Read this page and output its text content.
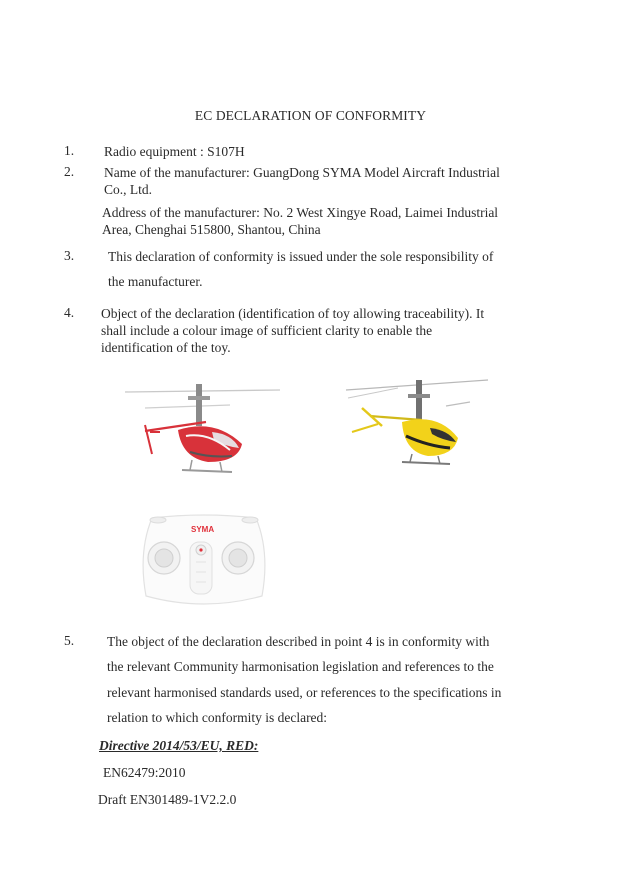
EC DECLARATION OF CONFORMITY
1. Radio equipment : S107H
2. Name of the manufacturer: GuangDong SYMA Model Aircraft Industrial
Co., Ltd.
Address of the manufacturer: No. 2 West Xingye Road, Laimei Industrial
Area, Chenghai 515800, Shantou, China
3.	This declaration of conformity is issued under the sole responsibility of
the manufacturer.
4. Object of the declaration (identification of toy allowing traceability). It
shall include a colour image of sufficient clarity to enable the
identification of the toy.
SYMA
5. The object of the declaration described in point 4 is in conformity with
the relevant Community harmonisation legislation and references to the
relevant harmonised standards used, or references to the specifications in
relation to which conformity is declared:
Directive 2014/53/EU, RED:
EN62479:2010
Draft EN301489-1V2.2.0
